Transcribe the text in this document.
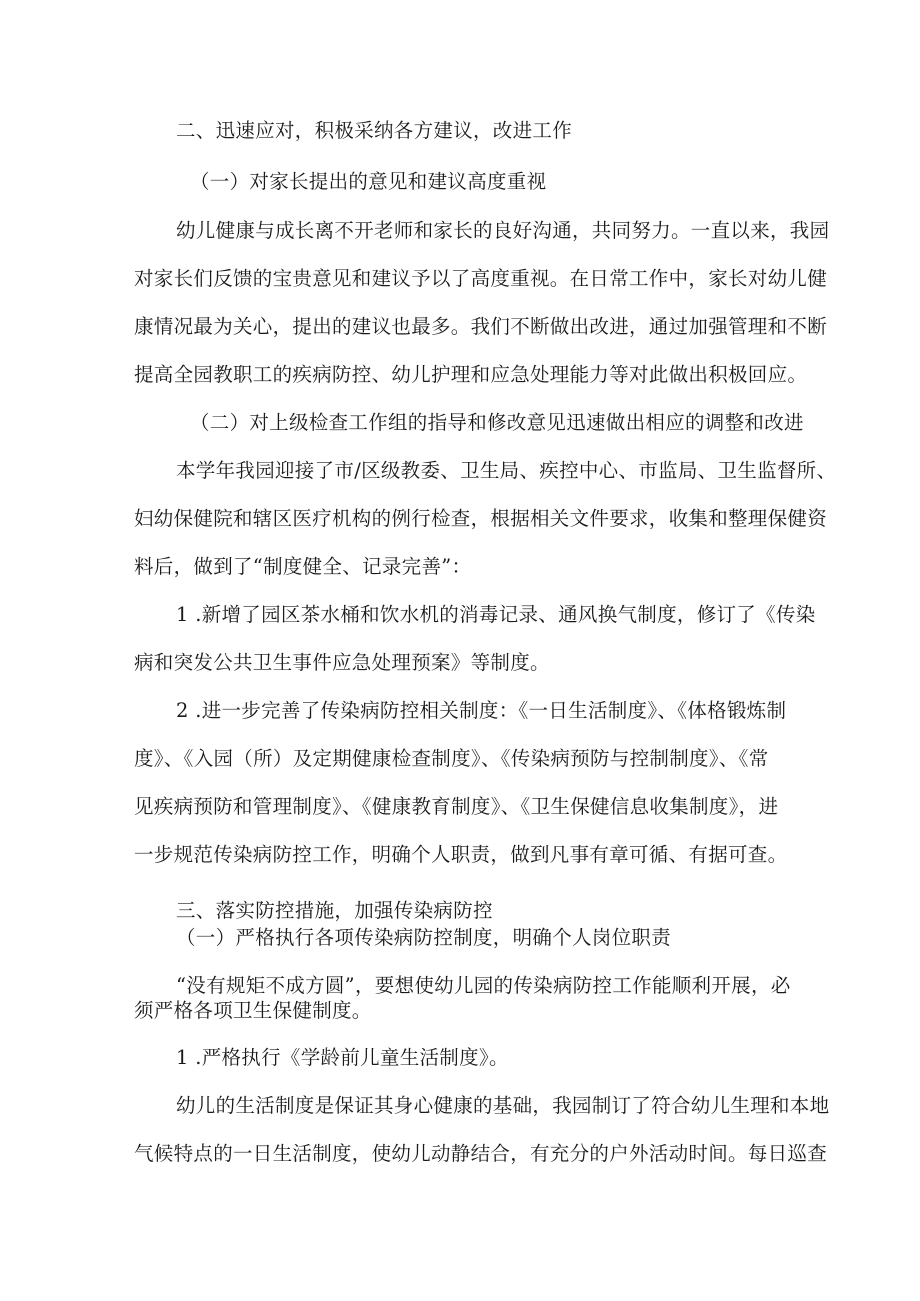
二、迅速应对，积极采纳各方建议，改进工作
（一）对家长提出的意见和建议高度重视
幼儿健康与成长离不开老师和家长的良好沟通，共同努力。一直以来，我园
对家长们反馈的宝贵意见和建议予以了高度重视。在日常工作中，家长对幼儿健
康情况最为关心，提出的建议也最多。我们不断做出改进，通过加强管理和不断
提高全园教职工的疾病防控、幼儿护理和应急处理能力等对此做出积极回应。
（二）对上级检查工作组的指导和修改意见迅速做出相应的调整和改进
本学年我园迎接了市/区级教委、卫生局、疾控中心、市监局、卫生监督所、
妇幼保健院和辖区医疗机构的例行检查，根据相关文件要求，收集和整理保健资
料后，做到了“制度健全、记录完善”：
1 .新增了园区茶水桶和饮水机的消毒记录、通风换气制度，修订了《传染
病和突发公共卫生事件应急处理预案》等制度。
2 .进一步完善了传染病防控相关制度：《一日生活制度》、《体格锻炼制
度》、《入园（所）及定期健康检查制度》、《传染病预防与控制制度》、《常
见疾病预防和管理制度》、《健康教育制度》、《卫生保健信息收集制度》，进
一步规范传染病防控工作，明确个人职责，做到凡事有章可循、有据可查。
三、落实防控措施，加强传染病防控
（一）严格执行各项传染病防控制度，明确个人岗位职责
“没有规矩不成方圆”，要想使幼儿园的传染病防控工作能顺利开展，必
须严格各项卫生保健制度。
1 .严格执行《学龄前儿童生活制度》。
幼儿的生活制度是保证其身心健康的基础，我园制订了符合幼儿生理和本地
气候特点的一日生活制度，使幼儿动静结合，有充分的户外活动时间。每日巡查
